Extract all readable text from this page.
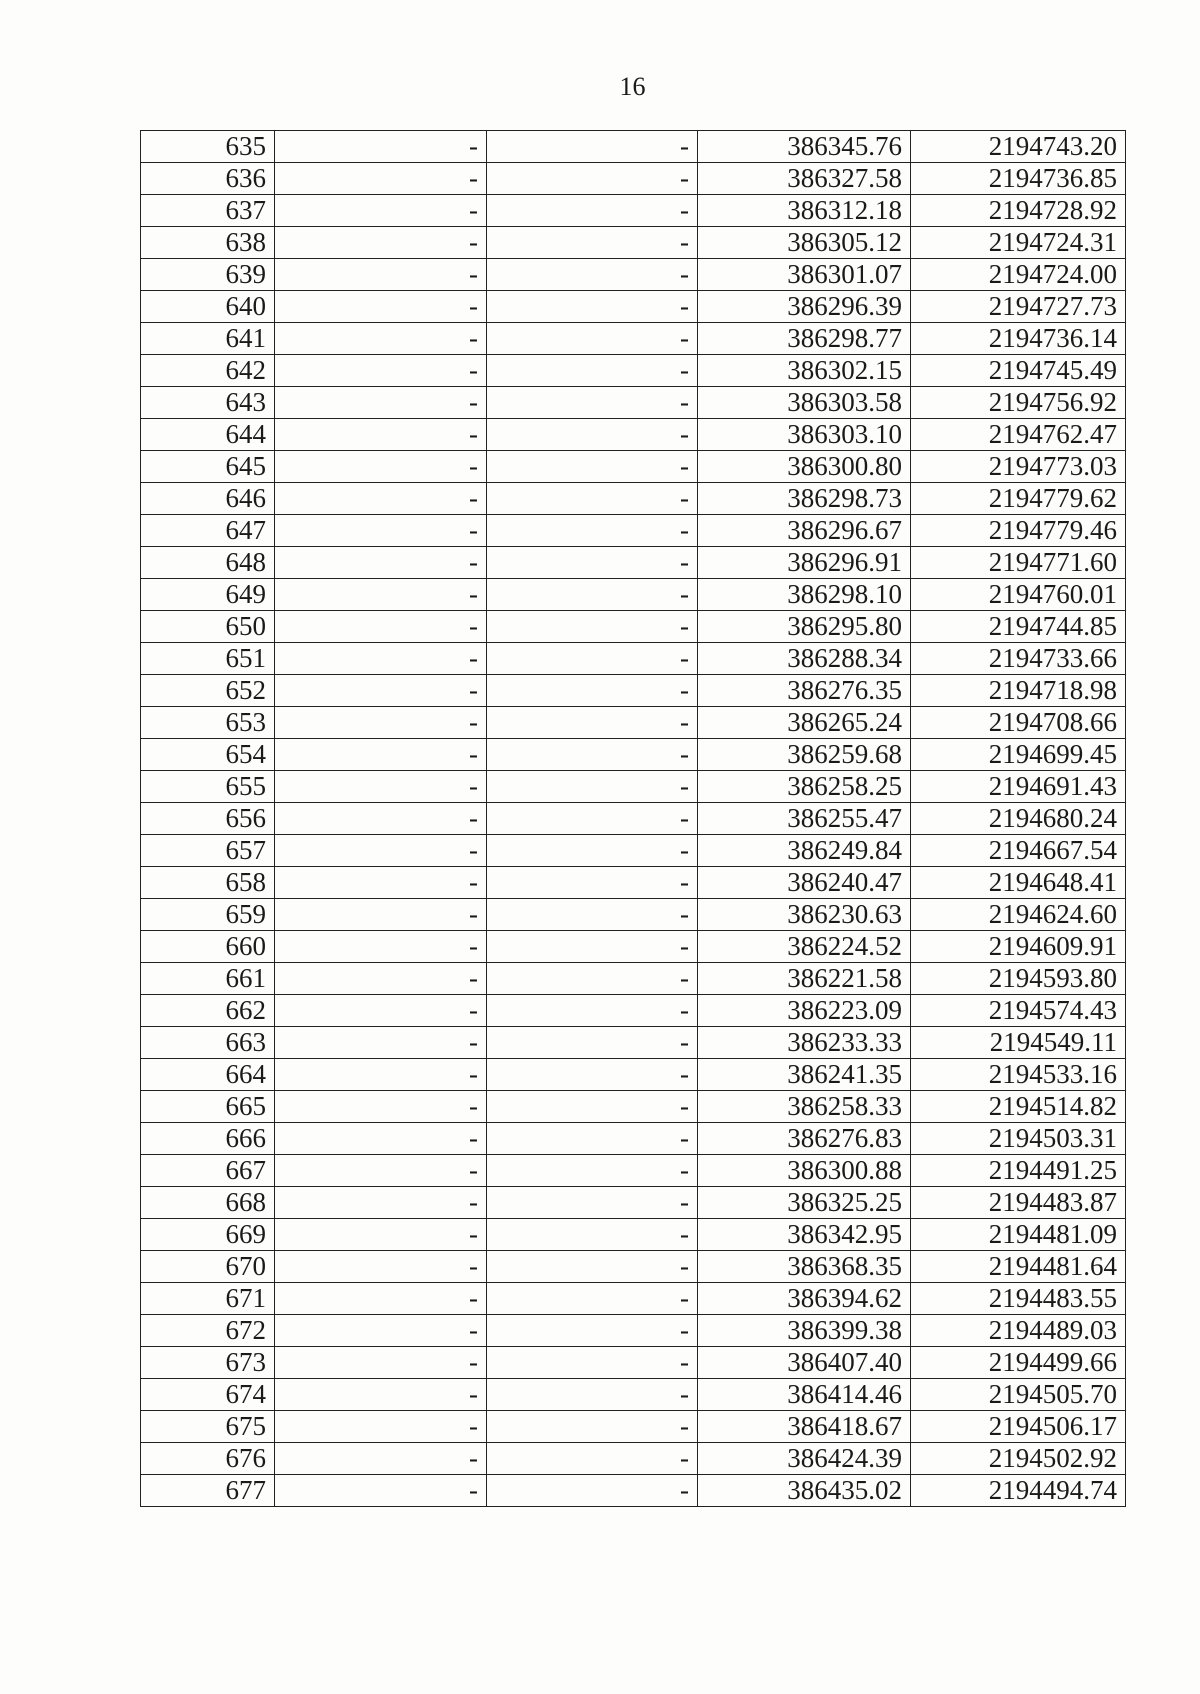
16
635	-	-	386345.76	2194743.20
636	-	-	386327.58	2194736.85
637	-	-	386312.18	2194728.92
638	-	-	386305.12	2194724.31
639	-	-	386301.07	2194724.00
640	-	-	386296.39	2194727.73
641	-	-	386298.77	2194736.14
642	-	-	386302.15	2194745.49
643	-	-	386303.58	2194756.92
644	-	-	386303.10	2194762.47
645	-	-	386300.80	2194773.03
646	-	-	386298.73	2194779.62
647	-	-	386296.67	2194779.46
648	-	-	386296.91	2194771.60
649	-	-	386298.10	2194760.01
650	-	-	386295.80	2194744.85
651	-	-	386288.34	2194733.66
652	-	-	386276.35	2194718.98
653	-	-	386265.24	2194708.66
654	-	-	386259.68	2194699.45
655	-	-	386258.25	2194691.43
656	-	-	386255.47	2194680.24
657	-	-	386249.84	2194667.54
658	-	-	386240.47	2194648.41
659	-	-	386230.63	2194624.60
660	-	-	386224.52	2194609.91
661	-	-	386221.58	2194593.80
662	-	-	386223.09	2194574.43
663	-	-	386233.33	2194549.11
664	-	-	386241.35	2194533.16
665	-	-	386258.33	2194514.82
666	-	-	386276.83	2194503.31
667	-	-	386300.88	2194491.25
668	-	-	386325.25	2194483.87
669	-	-	386342.95	2194481.09
670	-	-	386368.35	2194481.64
671	-	-	386394.62	2194483.55
672	-	-	386399.38	2194489.03
673	-	-	386407.40	2194499.66
674	-	-	386414.46	2194505.70
675	-	-	386418.67	2194506.17
676	-	-	386424.39	2194502.92
677	-	-	386435.02	2194494.74
